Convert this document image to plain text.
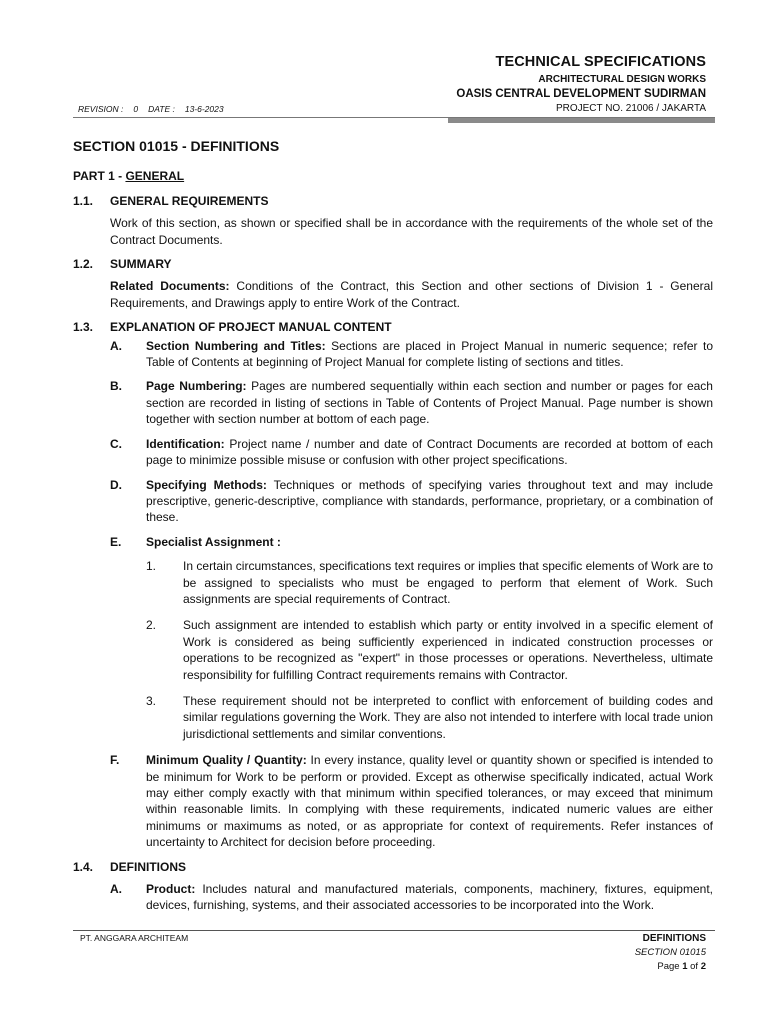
TECHNICAL SPECIFICATIONS
ARCHITECTURAL DESIGN WORKS
OASIS CENTRAL DEVELOPMENT SUDIRMAN
REVISION : 0 DATE : 13-6-2023	PROJECT NO. 21006 / JAKARTA
SECTION 01015 - DEFINITIONS
PART 1 - GENERAL
1.1.	GENERAL REQUIREMENTS
Work of this section, as shown or specified shall be in accordance with the requirements of the whole set of the Contract Documents.
1.2.	SUMMARY
Related Documents: Conditions of the Contract, this Section and other sections of Division 1 - General Requirements, and Drawings apply to entire Work of the Contract.
1.3.	EXPLANATION OF PROJECT MANUAL CONTENT
A.	Section Numbering and Titles: Sections are placed in Project Manual in numeric sequence; refer to Table of Contents at beginning of Project Manual for complete listing of sections and titles.
B.	Page Numbering: Pages are numbered sequentially within each section and number or pages for each section are recorded in listing of sections in Table of Contents of Project Manual. Page number is shown together with section number at bottom of each page.
C.	Identification: Project name / number and date of Contract Documents are recorded at bottom of each page to minimize possible misuse or confusion with other project specifications.
D.	Specifying Methods: Techniques or methods of specifying varies throughout text and may include prescriptive, generic-descriptive, compliance with standards, performance, proprietary, or a combination of these.
E.	Specialist Assignment :
1.	In certain circumstances, specifications text requires or implies that specific elements of Work are to be assigned to specialists who must be engaged to perform that element of Work. Such assignments are special requirements of Contract.
2.	Such assignment are intended to establish which party or entity involved in a specific element of Work is considered as being sufficiently experienced in indicated construction processes or operations to be recognized as "expert" in those processes or operations. Nevertheless, ultimate responsibility for fulfilling Contract requirements remains with Contractor.
3.	These requirement should not be interpreted to conflict with enforcement of building codes and similar regulations governing the Work. They are also not intended to interfere with local trade union jurisdictional settlements and similar conventions.
F.	Minimum Quality / Quantity: In every instance, quality level or quantity shown or specified is intended to be minimum for Work to be perform or provided. Except as otherwise specifically indicated, actual Work may either comply exactly with that minimum within specified tolerances, or may exceed that minimum within reasonable limits. In complying with these requirements, indicated numeric values are either minimums or maximums as noted, or as appropriate for context of requirements. Refer instances of uncertainty to Architect for decision before proceeding.
1.4.	DEFINITIONS
A.	Product: Includes natural and manufactured materials, components, machinery, fixtures, equipment, devices, furnishing, systems, and their associated accessories to be incorporated into the Work.
PT. ANGGARA ARCHITEAM	DEFINITIONS
SECTION 01015
Page 1 of 2
